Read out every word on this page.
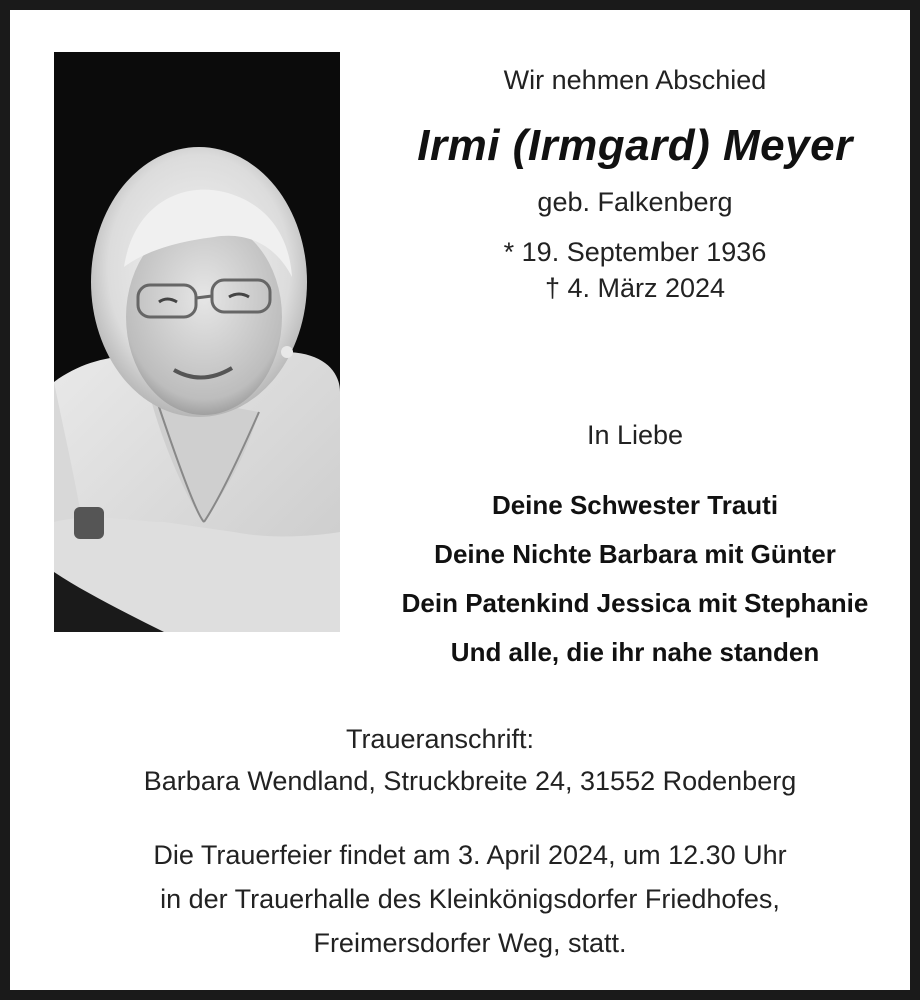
Wir nehmen Abschied
Irmi (Irmgard) Meyer
geb. Falkenberg
* 19. September 1936
† 4. März 2024
In Liebe
Deine Schwester Trauti
Deine Nichte Barbara mit Günter
Dein Patenkind Jessica mit Stephanie
Und alle, die ihr nahe standen
Traueranschrift:
Barbara Wendland, Struckbreite 24, 31552 Rodenberg
Die Trauerfeier findet am 3. April 2024, um 12.30 Uhr
in der Trauerhalle des Kleinkönigsdorfer Friedhofes,
Freimersdorfer Weg, statt.
